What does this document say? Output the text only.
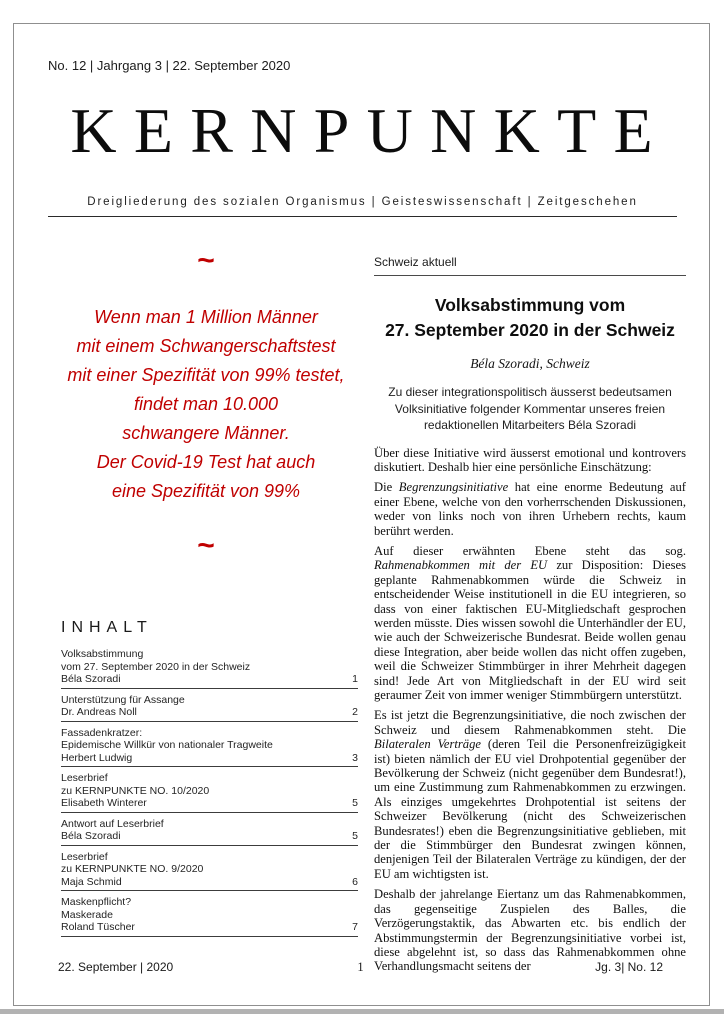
No. 12 | Jahrgang 3 | 22. September 2020
KERNPUNKTE
Dreigliederung des sozialen Organismus | Geisteswissenschaft | Zeitgeschehen
~
Wenn man 1 Million Männer
mit einem Schwangerschaftstest
mit einer Spezifität von 99% testet,
findet man 10.000
schwangere Männer.
Der Covid-19 Test hat auch
eine Spezifität von 99%
~
INHALT
Volksabstimmung
vom 27. September 2020 in der Schweiz
Béla Szoradi	1
Unterstützung für Assange
Dr. Andreas Noll	2
Fassadenkratzer:
Epidemische Willkür von nationaler Tragweite
Herbert Ludwig	3
Leserbrief
zu KERNPUNKTE NO. 10/2020
Elisabeth Winterer	5
Antwort auf Leserbrief
Béla Szoradi	5
Leserbrief
zu KERNPUNKTE NO. 9/2020
Maja Schmid	6
Maskenpflicht?
Maskerade
Roland Tüscher	7
Schweiz aktuell
Volksabstimmung vom
27. September 2020 in der Schweiz
Béla Szoradi, Schweiz
Zu dieser integrationspolitisch äusserst bedeutsamen Volksinitiative folgender Kommentar unseres freien redaktionellen Mitarbeiters Béla Szoradi

Über diese Initiative wird äusserst emotional und kontrovers diskutiert. Deshalb hier eine persönliche Einschätzung:

Die Begrenzungsinitiative hat eine enorme Bedeutung auf einer Ebene, welche von den vorherrschenden Diskussionen, weder von links noch von ihren Urhebern rechts, kaum berührt werden.

Auf dieser erwähnten Ebene steht das sog. Rahmenabkommen mit der EU zur Disposition: Dieses geplante Rahmenabkommen würde die Schweiz in entscheidender Weise institutionell in die EU integrieren, so dass von einer faktischen EU-Mitgliedschaft gesprochen werden müsste. Dies wissen sowohl die Unterhändler der EU, wie auch der Schweizerische Bundesrat. Beide wollen genau diese Integration, aber beide wollen das nicht offen zugeben, weil die Schweizer Stimmbürger in ihrer Mehrheit dagegen sind! Jede Art von Mitgliedschaft in der EU wird seit geraumer Zeit von immer weniger Stimmbürgern unterstützt.

Es ist jetzt die Begrenzungsinitiative, die noch zwischen der Schweiz und diesem Rahmenabkommen steht. Die Bilateralen Verträge (deren Teil die Personenfreizügigkeit ist) bieten nämlich der EU viel Drohpotential gegenüber der Bevölkerung der Schweiz (nicht gegenüber dem Bundesrat!), um eine Zustimmung zum Rahmenabkommen zu erzwingen. Als einziges umgekehrtes Drohpotential ist seitens der Schweizer Bevölkerung (nicht des Schweizerischen Bundesrates!) eben die Begrenzungsinitiative geblieben, mit der die Stimmbürger den Bundesrat zwingen können, denjenigen Teil der Bilateralen Verträge zu kündigen, der der EU am wichtigsten ist.

Deshalb der jahrelange Eiertanz um das Rahmenabkommen, das gegenseitige Zuspielen des Balles, die Verzögerungstaktik, das Abwarten etc. bis endlich der Abstimmungstermin der Begrenzungsinitiative vorbei ist, diese abgelehnt ist, so dass das Rahmenabkommen ohne Verhandlungsmacht seitens der

22. September | 2020	1	Jg. 3| No. 12
